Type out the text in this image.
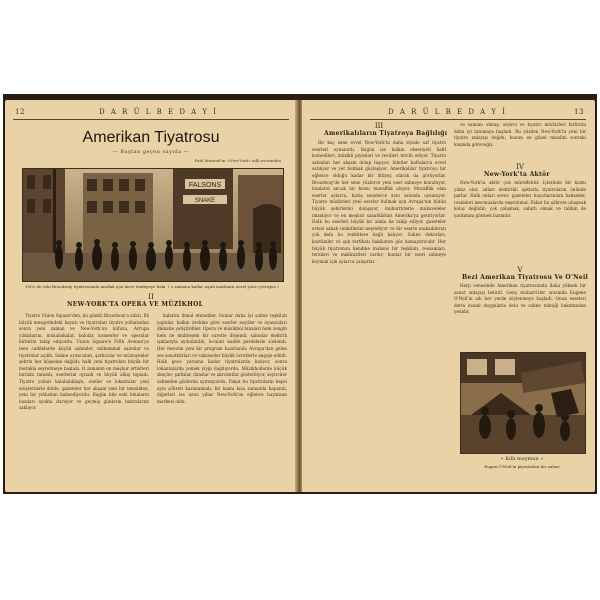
12	D A R Ü L B E D A Y İ
Amerikan Tiyatrosu
— Baştan geçen sayıda —
Paul Morand'ın «New-York» adlı eserinden
FALSONS
SNAKE
1902 de eski Broadway tiyatrosunda mutlak için birer tenbiyeye bakı ( o zamana kadar siyah matbuatı nerel yöne çevirgen )
II
NEW-YORK'TA OPERA VE MÜZİKHOL

Tiyatro Union Square'den, bu günkü Broadway'a sıfatı. İlk büyük mesgerindeki hayatı ve tiyatroları tiyatro yollarından sonra yeni zaman ve New-York'un nüfuzu, Avrupa yıldızlarını, müsabakalar, balolar, konserler ve operalar birbirini takip ediyordu. Union Square'e Fifth Avenue'ye inen caddelerde küçük sahneler, mükemmel salonlar ve tiyatrolar açıldı. Sahne oyuncuları, şarkıcılar ve müzisyenler şehrin her köşesine dağıldı; halk yeni tiyatroları büyük bir merakla seyretmeye başladı. O zamanın en meşhur artistleri burada tanındı, eserlerini oynadı ve büyük alkış topladı. Tiyatro yolları kalabalıklaştı, oteller ve lokantalar yeni müşterilerle doldu, gazeteler her akşam yeni bir temsilden, yeni bir yıldızdan bahsediyordu. Bugün bile eski binaların bazıları ayakta duruyor ve geçmiş günlerin hatıralarını saklıyor.

kalarını ihmal etmediler, bunlar daha iyi sahne teşkilatı yaptılar, halkın zevkine göre eserler seçtiler ve oyuncuları dikkatle yetiştirdiler. Opera ve müzikhol binaları hem zengin hem de muhteşem bir surette döşendi, salonlar elektrik ışıklarıyla aydınlatıldı, locaları kadife perdelerle süslendi. Her mevsim yeni bir program hazırlandı; Avrupa'dan gelen ses sanatkârları ve raksaseler büyük ücretlerle angaje edildi. Halk gece yarısına kadar tiyatrolarda kalıyor, sonra lokantalarda yemek yiyip dağılıyordu. Müzikhollerde küçük skeçler, şarkılar, danslar ve akrobatlar gösteriliyor, seyirciler sahneden gözlerini ayırmıyordu. Fakat bu tiyatroların hepsi aynı şöhreti kazanamadı; bir kısmı kısa zamanda kapandı, diğerleri ise uzun yıllar New-York'un eğlence hayatının merkezi oldu.

D A R Ü L B E D A Y İ	13
III
Amerikalıların Tiyatroya Bağlılığı

Bir kaç sene evvel New-York'ta daha ziyade saf tiyatro eserleri oynanırdı. Bugün ise halkın ekseriyeti hafif komedileri, müzikli piyesleri ve revüleri tercih ediyor. Tiyatro salonları her akşam dolup taşıyor; biletler haftalarca evvel satılıyor ve yer bulmak güçleşiyor. Amerikalılar tiyatroyu bir eğlence olduğu kadar bir ihtiyaç olarak da görüyorlar. Broadway'de her sene yüzlerce yeni eser sahneye konuluyor, bunların ancak bir kısmı muvaffak oluyor. Muvaffak olan eserler aylarca, hatta senelerce aynı salonda oynanıyor. Tiyatro müdürleri yeni eserler bulmak için Avrupa'nın bütün büyük şehirlerini dolaşıyor, muharrirlerle mukaveleler imzalıyor ve en meşhur sanatkârları Amerika'ya getiriyorlar. Halk bu eserleri büyük bir alaka ile takip ediyor, gazeteler ertesi sabah tenkitlerini neşrediyor ve bir eserin mukadderatı çok defa bu tenkitlere bağlı kalıyor. Sahne dekorları, kostümler ve ışık tertibatı hakikaten göz kamaştırıcıdır. Her büyük tiyatronun kendine mahsus bir teşkilatı, ressamları, terzileri ve makinistleri vardır; bunlar bir eseri sahneye koymak için aylarca çalışırlar.

ve zamanı olmuş; seyirci ve tiyatro müdürleri birbirini daha iyi tanımaya başladı. Bu yüzden New-York'ta yeni bir tiyatro anlayışı doğdu; bunun en güzel misalini sonraki kısımda göreceğiz.

IV
New-York'ta Aktör

New-York'ta aktör çok müreffehtir. İçlerinde bir kısmı yıldız olur, adları elektrikli ışıklarla tiyatroların önünde parlar. Halk onları sever, gazeteler hayatlarından bahseder, resimleri mecmualarda neşrolunur. Fakat bu şöhrete ulaşmak kolay değildir; çok çalışmak, sabırlı olmak ve talihin de yardımını görmek lazımdır.

V
Bezi Amerikan Tiyatrosu Ve O'Neil

Harp senesinde Amerikan tiyatrosunda daha yüksek bir sanat anlayışı belirdi. Genç muharrirler arasında Eugene O'Neil'in adı her yerde söylenmeye başladı. Onun eserleri derin insani duygularla dolu ve sahne tekniği bakımından yenidir.

« Kıllı maymun »
Eugen O'Neil'in piyesinden bir sahne
